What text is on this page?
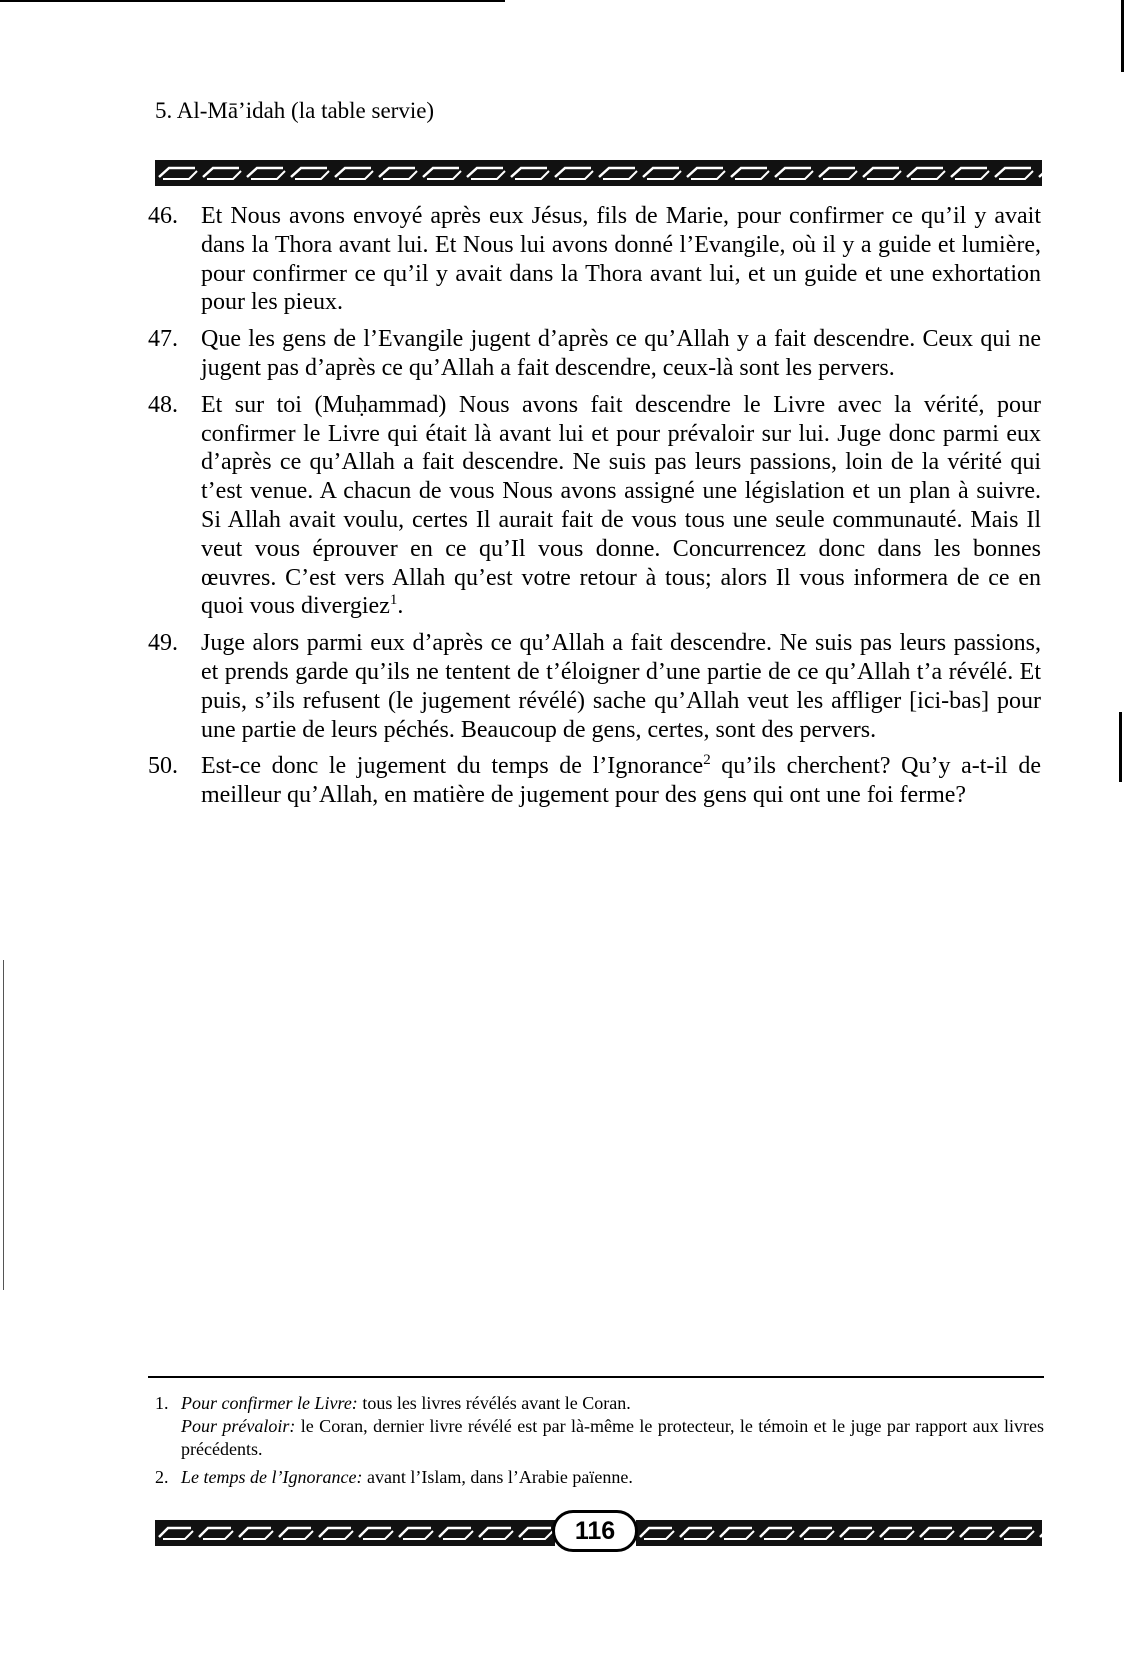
5. Al-Mā’idah (la table servie)
46. Et Nous avons envoyé après eux Jésus, fils de Marie, pour confirmer ce qu’il y avait dans la Thora avant lui. Et Nous lui avons donné l’Evangile, où il y a guide et lumière, pour confirmer ce qu’il y avait dans la Thora avant lui, et un guide et une exhortation pour les pieux.
47. Que les gens de l’Evangile jugent d’après ce qu’Allah y a fait descendre. Ceux qui ne jugent pas d’après ce qu’Allah a fait descendre, ceux-là sont les pervers.
48. Et sur toi (Muḥammad) Nous avons fait descendre le Livre avec la vérité, pour confirmer le Livre qui était là avant lui et pour prévaloir sur lui. Juge donc parmi eux d’après ce qu’Allah a fait descendre. Ne suis pas leurs passions, loin de la vérité qui t’est venue. A chacun de vous Nous avons assigné une législation et un plan à suivre. Si Allah avait voulu, certes Il aurait fait de vous tous une seule communauté. Mais Il veut vous éprouver en ce qu’Il vous donne. Concurrencez donc dans les bonnes œuvres. C’est vers Allah qu’est votre retour à tous; alors Il vous informera de ce en quoi vous divergiez$^1$.
49. Juge alors parmi eux d’après ce qu’Allah a fait descendre. Ne suis pas leurs passions, et prends garde qu’ils ne tentent de t’éloigner d’une partie de ce qu’Allah t’a révélé. Et puis, s’ils refusent (le jugement révélé) sache qu’Allah veut les affliger [ici-bas] pour une partie de leurs péchés. Beaucoup de gens, certes, sont des pervers.
50. Est-ce donc le jugement du temps de l’Ignorance$^2$ qu’ils cherchent? Qu’y a-t-il de meilleur qu’Allah, en matière de jugement pour des gens qui ont une foi ferme?
1. Pour confirmer le Livre: tous les livres révélés avant le Coran.
Pour prévaloir: le Coran, dernier livre révélé est par là-même le protecteur, le témoin et le juge par rapport aux livres précédents.
2. Le temps de l’Ignorance: avant l’Islam, dans l’Arabie païenne.
116
